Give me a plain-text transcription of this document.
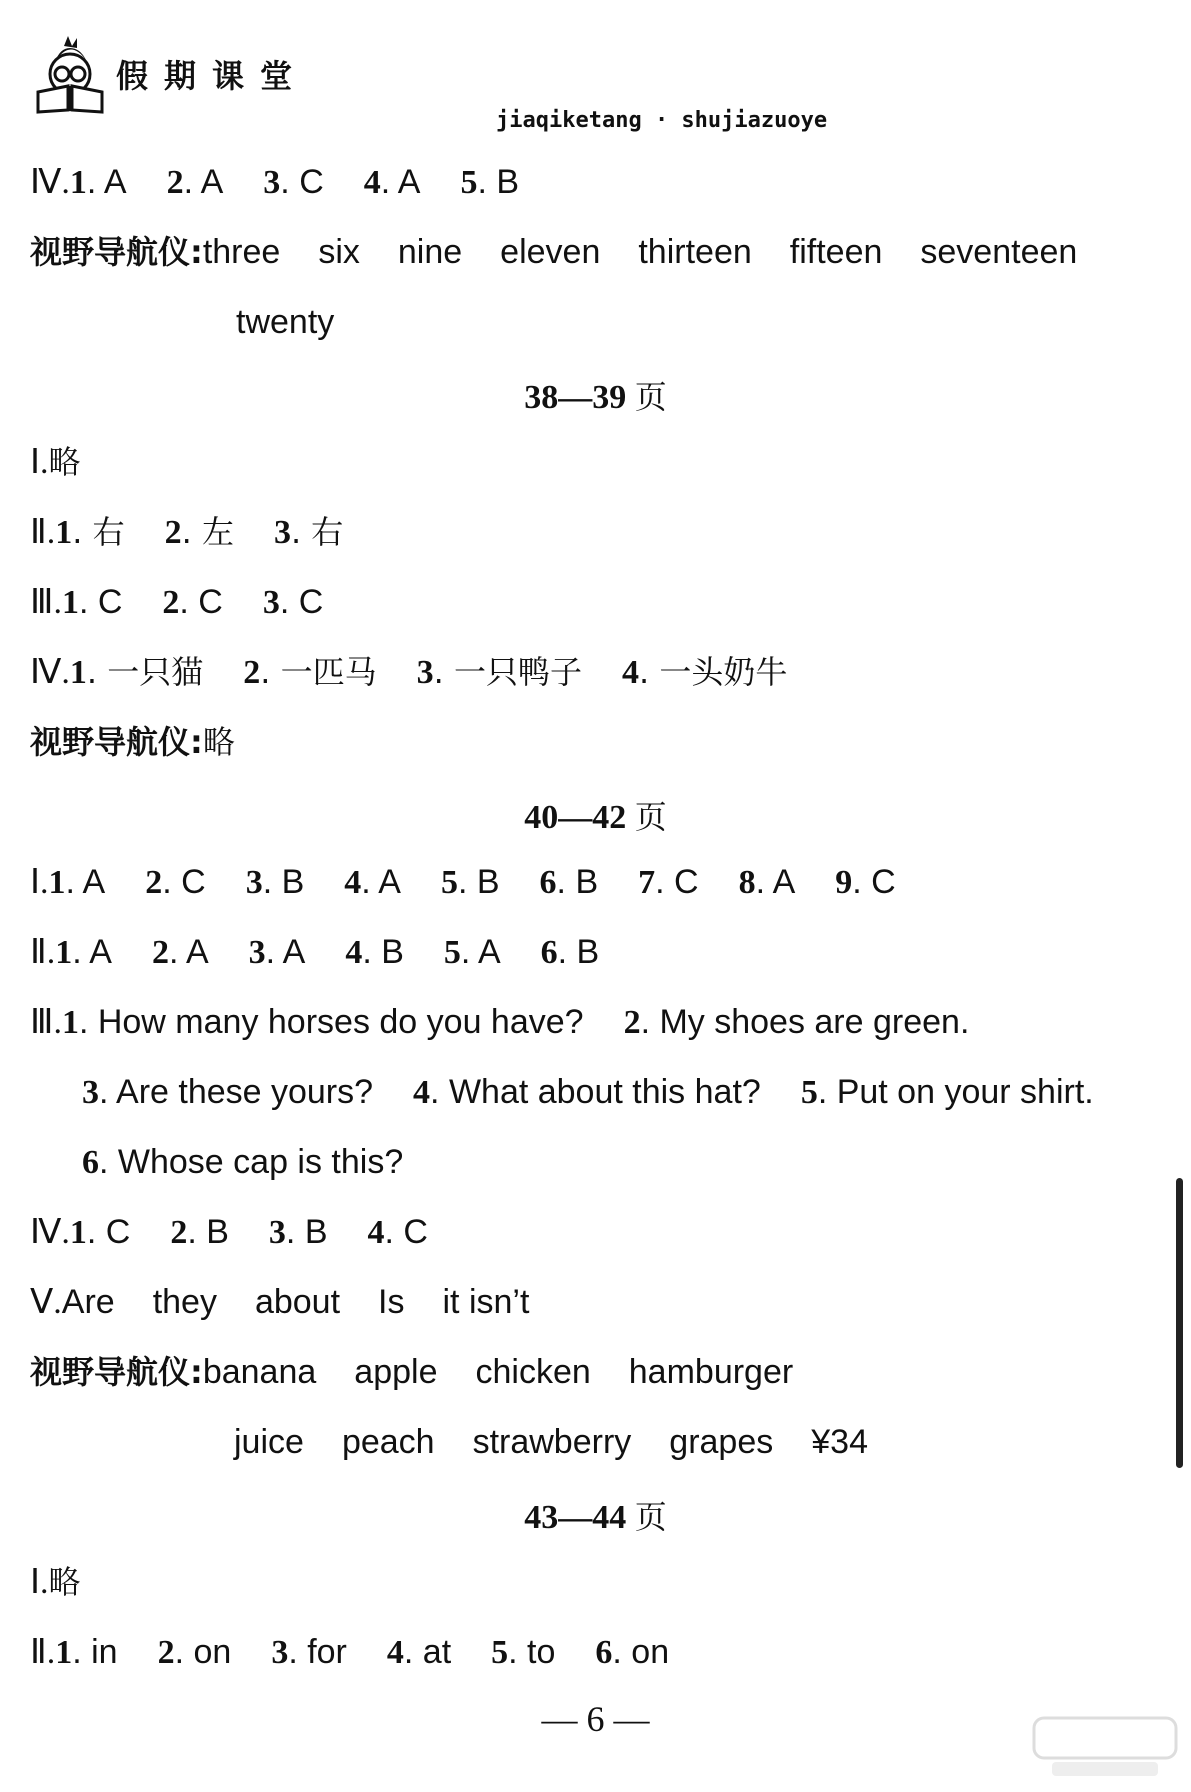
假期课堂
jiaqiketang · shujiazuoye
Ⅳ.1. A 2. A 3. C 4. A 5. B
视野导航仪:three six nine eleven thirteen fifteen seventeen
twenty
38—39 页
Ⅰ.略
Ⅱ.1. 右 2. 左 3. 右
Ⅲ.1. C 2. C 3. C
Ⅳ.1. 一只猫 2. 一匹马 3. 一只鸭子 4. 一头奶牛
视野导航仪:略
40—42 页
Ⅰ.1. A 2. C 3. B 4. A 5. B 6. B 7. C 8. A 9. C
Ⅱ.1. A 2. A 3. A 4. B 5. A 6. B
Ⅲ.1. How many horses do you have? 2. My shoes are green.
3. Are these yours? 4. What about this hat? 5. Put on your shirt.
6. Whose cap is this?
Ⅳ.1. C 2. B 3. B 4. C
Ⅴ.Are they about Is it isn’t
视野导航仪:banana apple chicken hamburger
juice peach strawberry grapes ¥34
43—44 页
Ⅰ.略
Ⅱ.1. in 2. on 3. for 4. at 5. to 6. on
— 6 —
